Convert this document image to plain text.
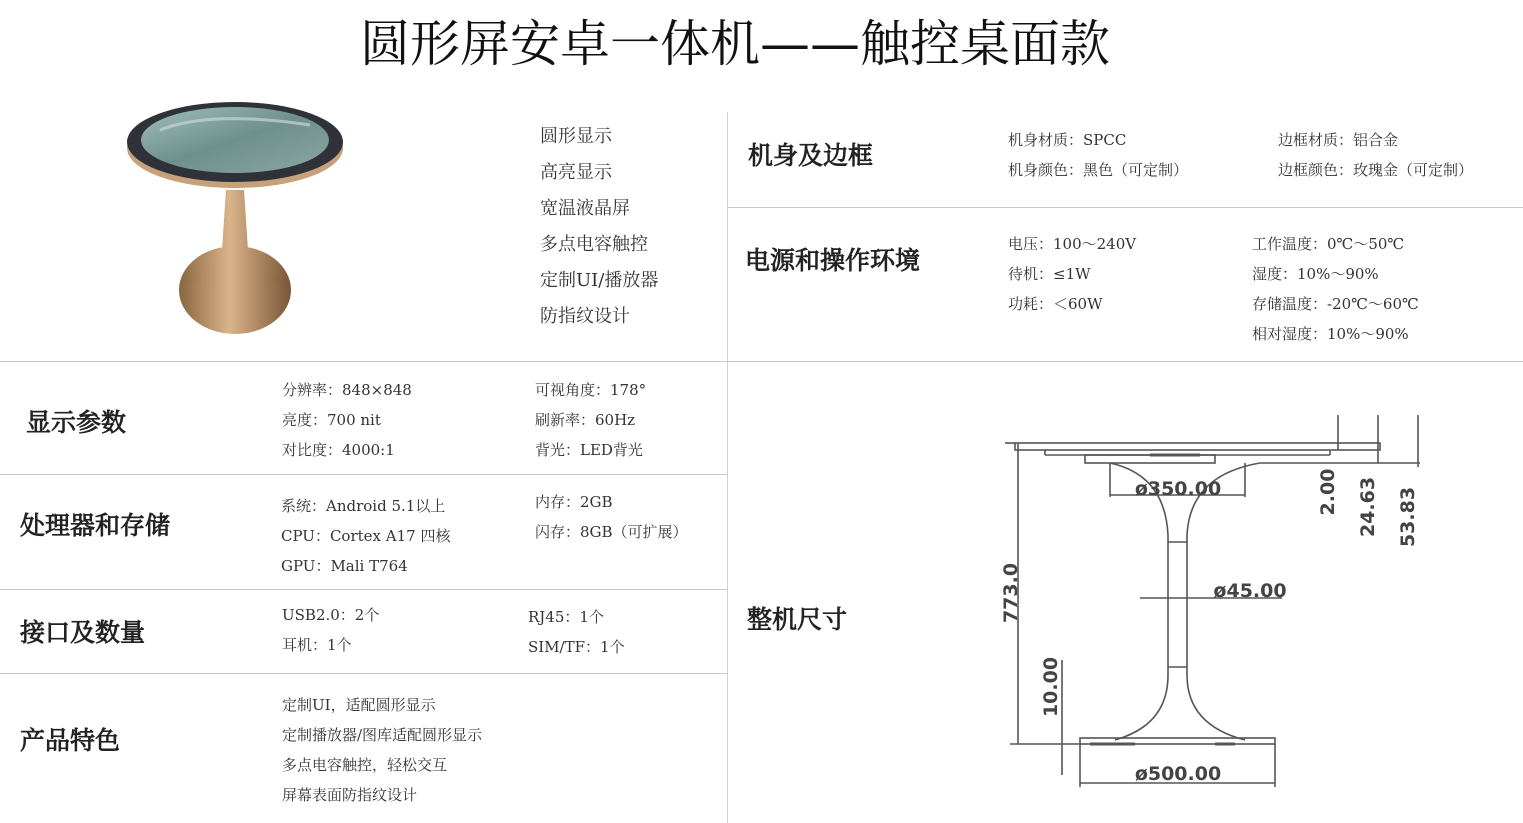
圆形屏安卓一体机——触控桌面款
圆形显示
高亮显示
宽温液晶屏
多点电容触控
定制UI/播放器
防指纹设计
机身及边框
机身材质：SPCC
机身颜色：黑色（可定制）
边框材质：铝合金
边框颜色：玫瑰金（可定制）
电源和操作环境
电压：100～240V
待机：≤1W
功耗：＜60W
工作温度：0℃～50℃
湿度：10%～90%
存储温度：-20℃～60℃
相对湿度：10%～90%
显示参数
分辨率：848×848
亮度：700 nit
对比度：4000:1
可视角度：178°
刷新率：60Hz
背光：LED背光
处理器和存储
系统：Android 5.1以上
CPU：Cortex A17 四核
GPU：Mali T764
内存：2GB
闪存：8GB（可扩展）
接口及数量
USB2.0：2个
耳机：1个
RJ45：1个
SIM/TF：1个
产品特色
定制UI，适配圆形显示
定制播放器/图库适配圆形显示
多点电容触控，轻松交互
屏幕表面防指纹设计
整机尺寸
ø350.00
ø45.00
ø500.00
773.0
10.00
2.00 24.63 53.83
